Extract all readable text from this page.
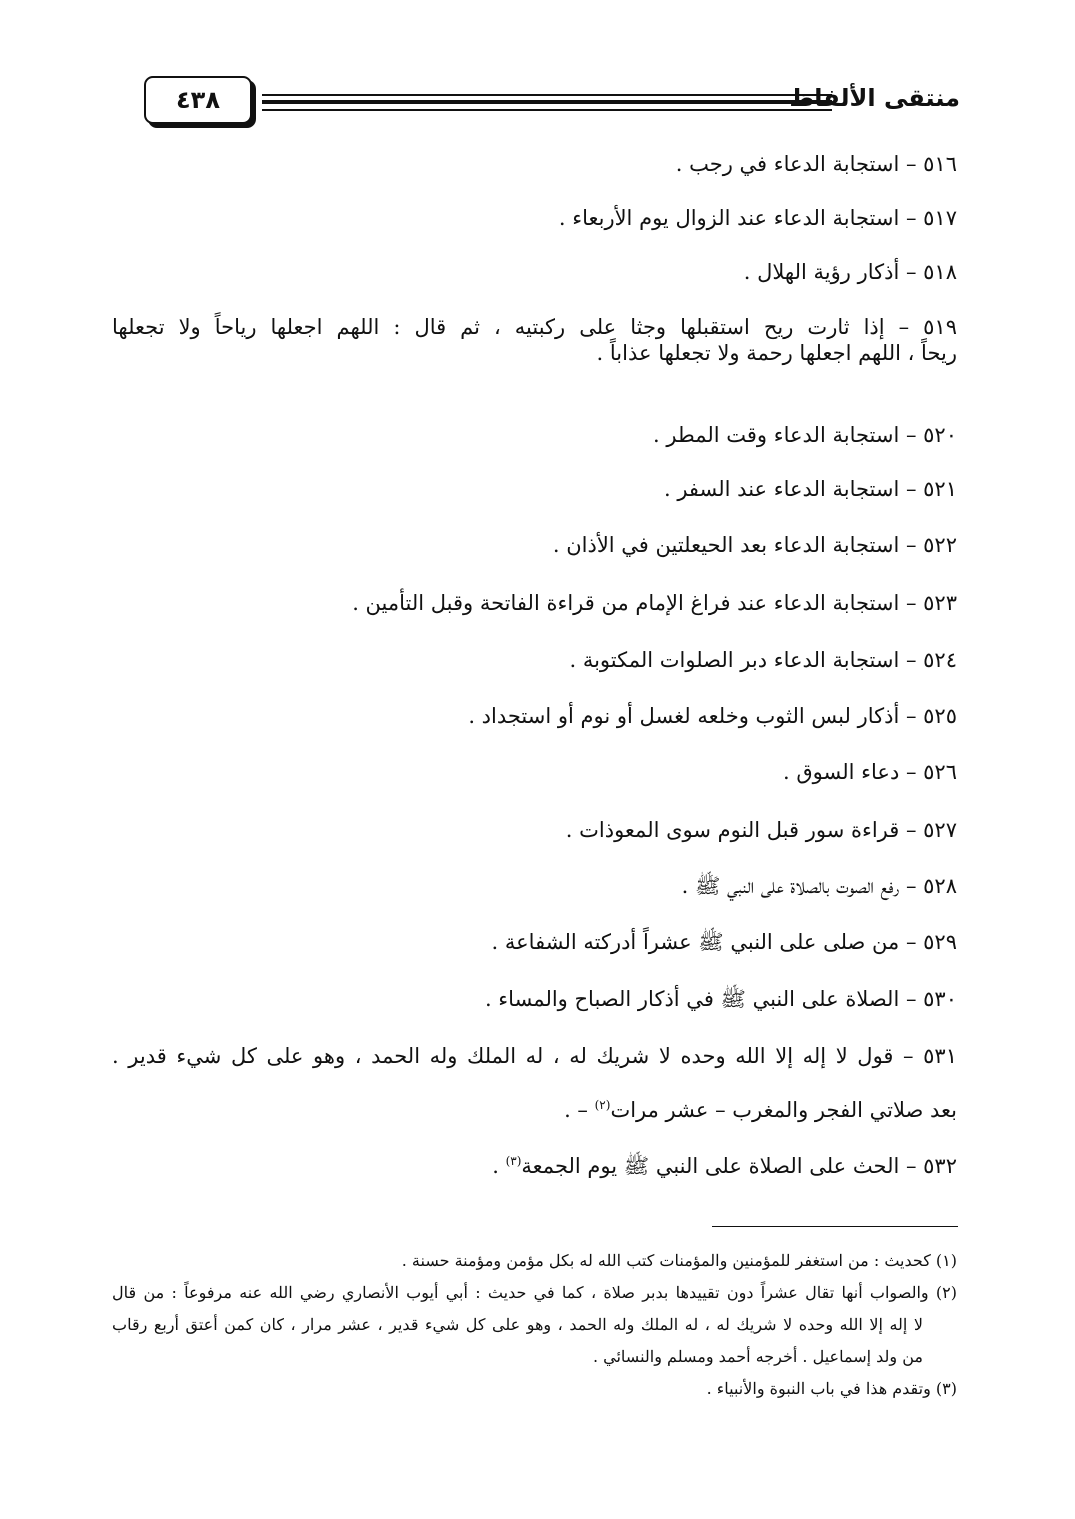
٤٣٨	منتقى الألفاظ
٥١٦ – استجابة الدعاء في رجب .
٥١٧ – استجابة الدعاء عند الزوال يوم الأربعاء .
٥١٨ – أذكار رؤية الهلال .
٥١٩ – إذا ثارت ريح استقبلها وجثا على ركبتيه ، ثم قال : اللهم اجعلها رياحاً ولا تجعلها
ريحاً ، اللهم اجعلها رحمة ولا تجعلها عذاباً .
٥٢٠ – استجابة الدعاء وقت المطر .
٥٢١ – استجابة الدعاء عند السفر .
٥٢٢ – استجابة الدعاء بعد الحيعلتين في الأذان .
٥٢٣ – استجابة الدعاء عند فراغ الإمام من قراءة الفاتحة وقبل التأمين .
٥٢٤ – استجابة الدعاء دبر الصلوات المكتوبة .
٥٢٥ – أذكار لبس الثوب وخلعه لغسل أو نوم أو استجداد .
٥٢٦ – دعاء السوق .
٥٢٧ – قراءة سور قبل النوم سوى المعوذات .
٥٢٨ – رفع الصوت بالصلاة على النبي ﷺ .
٥٢٩ – من صلى على النبي ﷺ عشراً أدركته الشفاعة .
٥٣٠ – الصلاة على النبي ﷺ في أذكار الصباح والمساء .
٥٣١ – قول لا إله إلا الله وحده لا شريك له ، له الملك وله الحمد ، وهو على كل شيء قدير .
بعد صلاتي الفجر والمغرب – عشر مرات$^{(٢)}$ – .
٥٣٢ – الحث على الصلاة على النبي ﷺ يوم الجمعة$^{(٣)}$ .
(١) كحديث : من استغفر للمؤمنين والمؤمنات كتب الله له بكل مؤمن ومؤمنة حسنة .
(٢) والصواب أنها تقال عشراً دون تقييدها بدبر صلاة ، كما في حديث : أبي أيوب الأنصاري رضي الله عنه مرفوعاً : من قال
لا إله إلا الله وحده لا شريك له ، له الملك وله الحمد ، وهو على كل شيء قدير ، عشر مرار ، كان كمن أعتق أربع رقاب
من ولد إسماعيل . أخرجه أحمد ومسلم والنسائي .
(٣) وتقدم هذا في باب النبوة والأنبياء .
